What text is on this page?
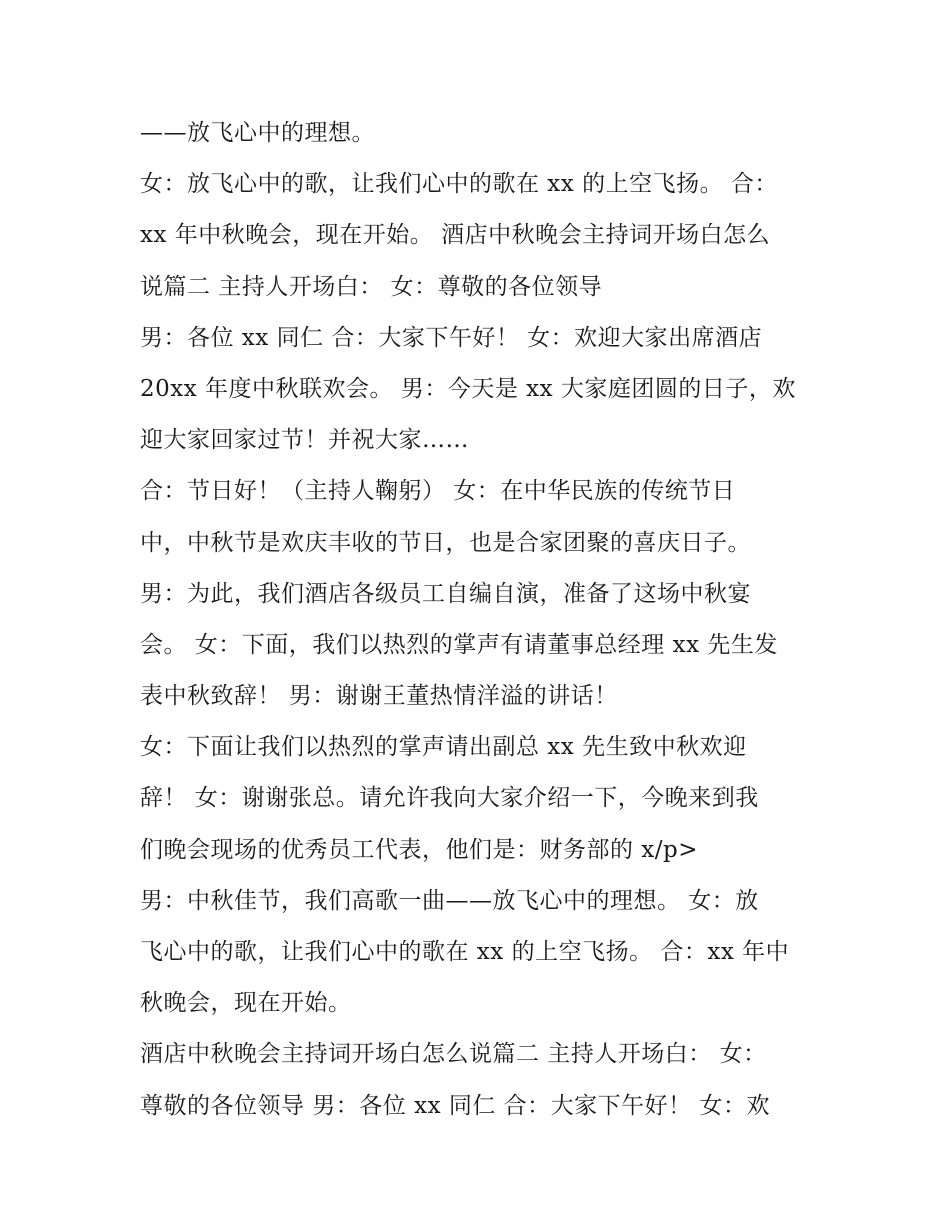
——放飞心中的理想。
女：放飞心中的歌，让我们心中的歌在 xx 的上空飞扬。 合：
xx 年中秋晚会，现在开始。 酒店中秋晚会主持词开场白怎么
说篇二 主持人开场白： 女：尊敬的各位领导
男：各位 xx 同仁 合：大家下午好！ 女：欢迎大家出席酒店
20xx 年度中秋联欢会。 男：今天是 xx 大家庭团圆的日子，欢
迎大家回家过节！并祝大家……
合：节日好！（主持人鞠躬） 女：在中华民族的传统节日
中，中秋节是欢庆丰收的节日，也是合家团聚的喜庆日子。
男：为此，我们酒店各级员工自编自演，准备了这场中秋宴
会。 女：下面，我们以热烈的掌声有请董事总经理 xx 先生发
表中秋致辞！ 男：谢谢王董热情洋溢的讲话！
女：下面让我们以热烈的掌声请出副总 xx 先生致中秋欢迎
辞！ 女：谢谢张总。请允许我向大家介绍一下，今晚来到我
们晚会现场的优秀员工代表，他们是：财务部的 x/p>
男：中秋佳节，我们高歌一曲——放飞心中的理想。 女：放
飞心中的歌，让我们心中的歌在 xx 的上空飞扬。 合：xx 年中
秋晚会，现在开始。
酒店中秋晚会主持词开场白怎么说篇二 主持人开场白： 女：
尊敬的各位领导 男：各位 xx 同仁 合：大家下午好！ 女：欢
